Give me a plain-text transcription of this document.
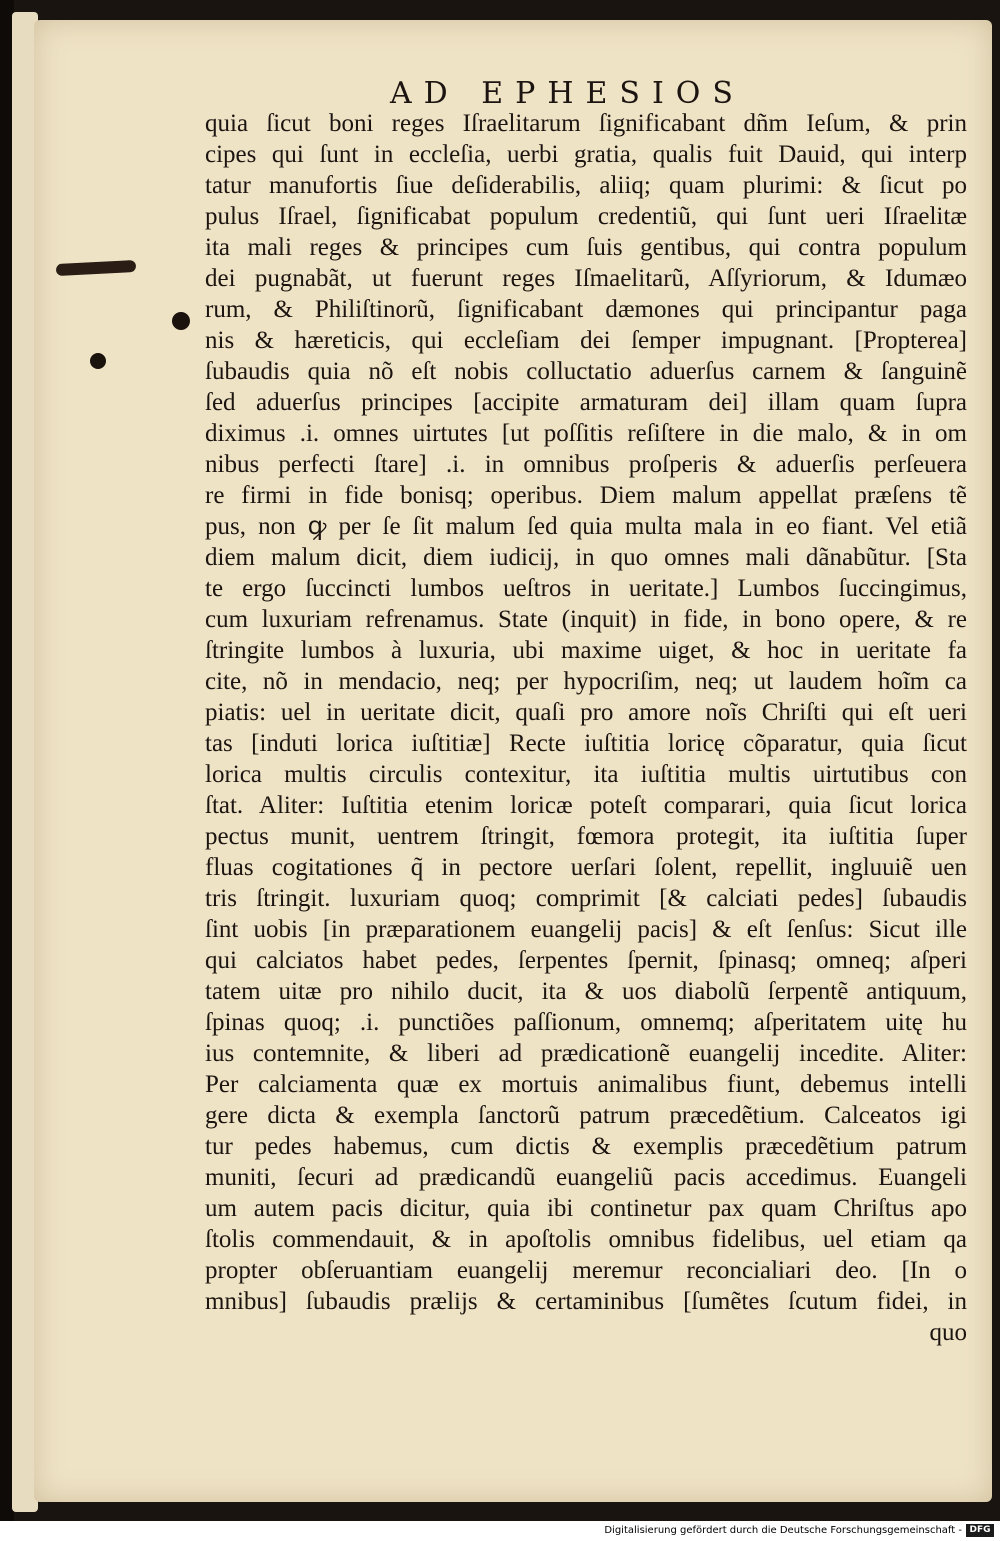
AD EPHESIOS
quia ſicut boni reges Iſraelitarum ſignificabant dñm Ieſum, & prin
cipes qui ſunt in eccleſia, uerbi gratia, qualis fuit Dauid, qui interp
tatur manufortis ſiue deſiderabilis, aliiq; quam plurimi: & ſicut po
pulus Iſrael, ſignificabat populum credentiũ, qui ſunt ueri Iſraelitæ
ita mali reges & principes cum ſuis gentibus, qui contra populum
dei pugnabãt, ut fuerunt reges Iſmaelitarũ, Aſſyriorum, & Idumæo
rum, & Philiſtinorũ, ſignificabant dæmones qui principantur paga
nis & hæreticis, qui eccleſiam dei ſemper impugnant. [Propterea]
ſubaudis quia nõ eſt nobis colluctatio aduerſus carnem & ſanguinẽ
ſed aduerſus principes [accipite armaturam dei] illam quam ſupra
diximus .i. omnes uirtutes [ut poſſitis reſiſtere in die malo, & in om
nibus perfecti ſtare] .i. in omnibus proſperis & aduerſis perſeuera
re firmi in fide bonisq; operibus. Diem malum appellat præſens tẽ
pus, non ꝙ per ſe ſit malum ſed quia multa mala in eo fiant. Vel etiã
diem malum dicit, diem iudicij, in quo omnes mali dãnabũtur. [Sta
te ergo ſuccincti lumbos ueſtros in ueritate.] Lumbos ſuccingimus,
cum luxuriam refrenamus. State (inquit) in fide, in bono opere, & re
ſtringite lumbos à luxuria, ubi maxime uiget, & hoc in ueritate fa
cite, nõ in mendacio, neq; per hypocriſim, neq; ut laudem hoĩm ca
piatis: uel in ueritate dicit, quaſi pro amore noĩs Chriſti qui eſt ueri
tas [induti lorica iuſtitiæ] Recte iuſtitia loricę cõparatur, quia ſicut
lorica multis circulis contexitur, ita iuſtitia multis uirtutibus con
ſtat. Aliter: Iuſtitia etenim loricæ poteſt comparari, quia ſicut lorica
pectus munit, uentrem ſtringit, fœmora protegit, ita iuſtitia ſuper
fluas cogitationes q̃ in pectore uerſari ſolent, repellit, ingluuiẽ uen
tris ſtringit. luxuriam quoq; comprimit [& calciati pedes] ſubaudis
ſint uobis [in præparationem euangelij pacis] & eſt ſenſus: Sicut ille
qui calciatos habet pedes, ſerpentes ſpernit, ſpinasq; omneq; aſperi
tatem uitæ pro nihilo ducit, ita & uos diabolũ ſerpentẽ antiquum,
ſpinas quoq; .i. punctiões paſſionum, omnemq; aſperitatem uitę hu
ius contemnite, & liberi ad prædicationẽ euangelij incedite. Aliter:
Per calciamenta quæ ex mortuis animalibus fiunt, debemus intelli
gere dicta & exempla ſanctorũ patrum præcedẽtium. Calceatos igi
tur pedes habemus, cum dictis & exemplis præcedẽtium patrum
muniti, ſecuri ad prædicandũ euangeliũ pacis accedimus. Euangeli
um autem pacis dicitur, quia ibi continetur pax quam Chriſtus apo
ſtolis commendauit, & in apoſtolis omnibus fidelibus, uel etiam qa
propter obſeruantiam euangelij meremur reconcialiari deo. [In o
mnibus] ſubaudis prælijs & certaminibus [ſumẽtes ſcutum fidei, in
quo
Digitalisierung gefördert durch die Deutsche Forschungsgemeinschaft - DFG
